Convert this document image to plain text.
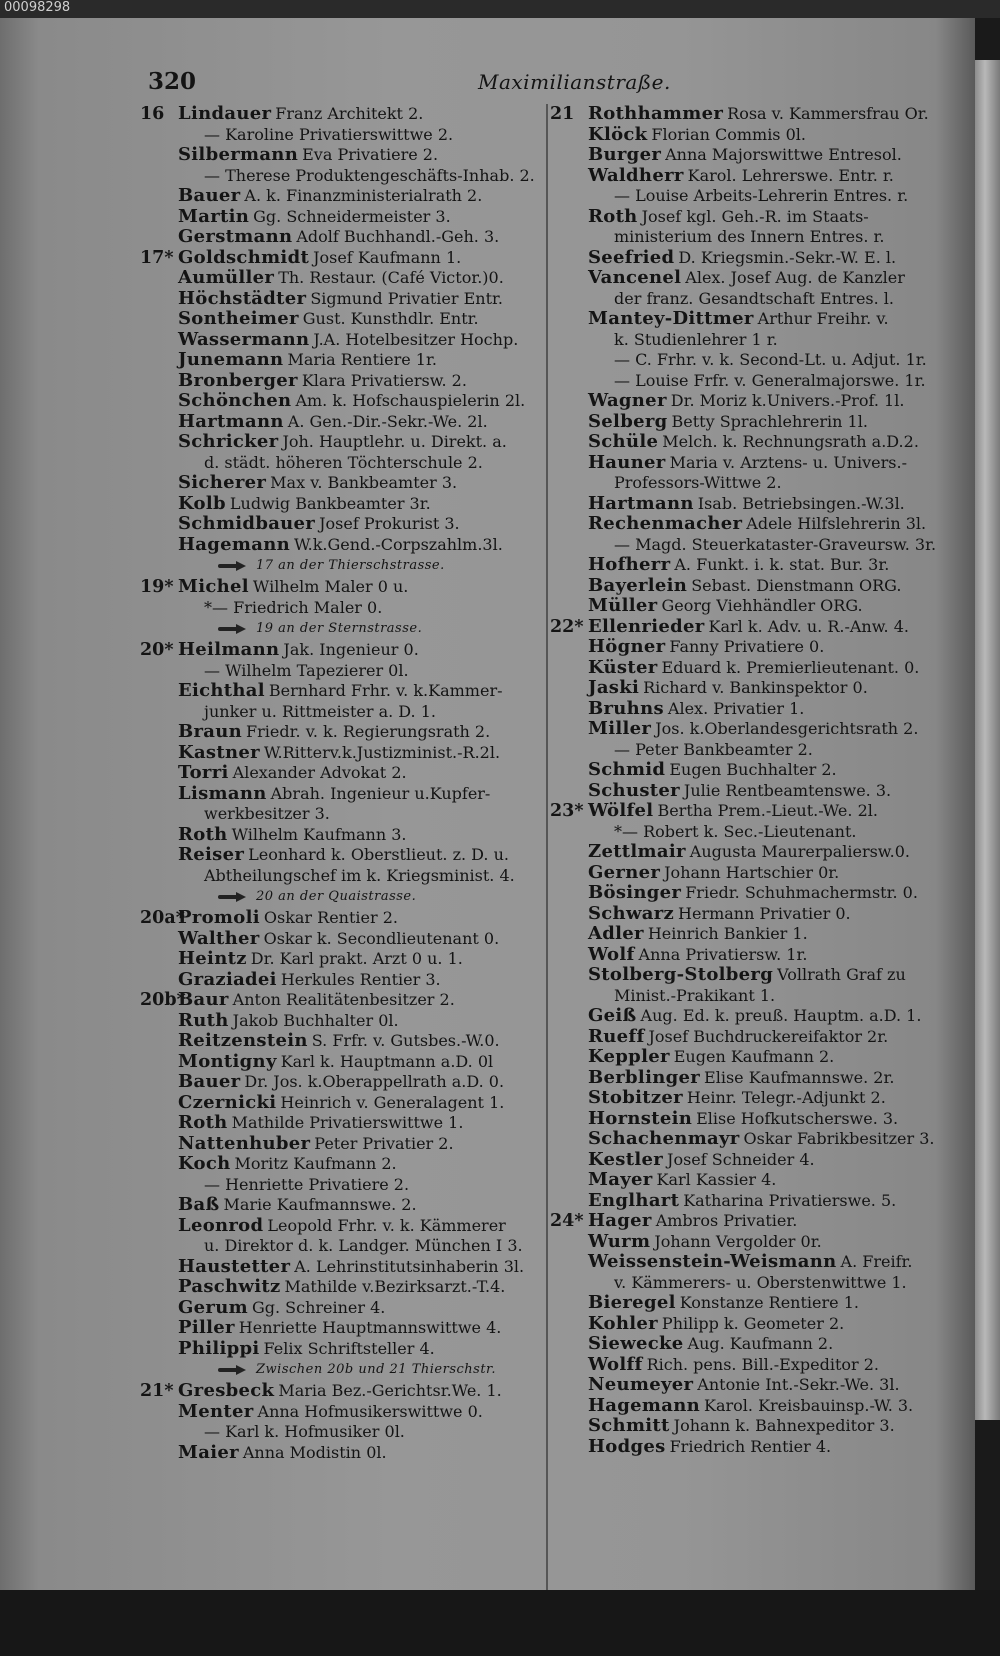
00098298
320	Maximilianstraße.
16 Lindauer Franz Architekt 2.
— Karoline Privatierswittwe 2.
Silbermann Eva Privatiere 2.
— Therese Produktengeschäfts-Inhab. 2.
Bauer A. k. Finanzministerialrath 2.
Martin Gg. Schneidermeister 3.
Gerstmann Adolf Buchhandl.-Geh. 3.
17* Goldschmidt Josef Kaufmann 1.
Aumüller Th. Restaur. (Café Victor.)0.
Höchstädter Sigmund Privatier Entr.
Sontheimer Gust. Kunsthdlr. Entr.
Wassermann J.A. Hotelbesitzer Hochp.
Junemann Maria Rentiere 1r.
Bronberger Klara Privatiersw. 2.
Schönchen Am. k. Hofschauspielerin 2l.
Hartmann A. Gen.-Dir.-Sekr.-We. 2l.
Schricker Joh. Hauptlehr. u. Direkt. a.
d. städt. höheren Töchterschule 2.
Sicherer Max v. Bankbeamter 3.
Kolb Ludwig Bankbeamter 3r.
Schmidbauer Josef Prokurist 3.
Hagemann W.k.Gend.-Corpszahlm.3l.
17 an der Thierschstrasse.
19* Michel Wilhelm Maler 0 u.
*— Friedrich Maler 0.
19 an der Sternstrasse.
20* Heilmann Jak. Ingenieur 0.
— Wilhelm Tapezierer 0l.
Eichthal Bernhard Frhr. v. k.Kammer-
junker u. Rittmeister a. D. 1.
Braun Friedr. v. k. Regierungsrath 2.
Kastner W.Ritterv.k.Justizminist.-R.2l.
Torri Alexander Advokat 2.
Lismann Abrah. Ingenieur u.Kupfer-
werkbesitzer 3.
Roth Wilhelm Kaufmann 3.
Reiser Leonhard k. Oberstlieut. z. D. u.
Abtheilungschef im k. Kriegsminist. 4.
20 an der Quaistrasse.
20a*Promoli Oskar Rentier 2.
Walther Oskar k. Secondlieutenant 0.
Heintz Dr. Karl prakt. Arzt 0 u. 1.
Graziadei Herkules Rentier 3.
20b*Baur Anton Realitätenbesitzer 2.
Ruth Jakob Buchhalter 0l.
Reitzenstein S. Frfr. v. Gutsbes.-W.0.
Montigny Karl k. Hauptmann a.D. 0l
Bauer Dr. Jos. k.Oberappellrath a.D. 0.
Czernicki Heinrich v. Generalagent 1.
Roth Mathilde Privatierswittwe 1.
Nattenhuber Peter Privatier 2.
Koch Moritz Kaufmann 2.
— Henriette Privatiere 2.
Baß Marie Kaufmannswe. 2.
Leonrod Leopold Frhr. v. k. Kämmerer
u. Direktor d. k. Landger. München I 3.
Haustetter A. Lehrinstitutsinhaberin 3l.
Paschwitz Mathilde v.Bezirksarzt.-T.4.
Gerum Gg. Schreiner 4.
Piller Henriette Hauptmannswittwe 4.
Philippi Felix Schriftsteller 4.
Zwischen 20b und 21 Thierschstr.
21* Gresbeck Maria Bez.-Gerichtsr.We. 1.
Menter Anna Hofmusikerswittwe 0.
— Karl k. Hofmusiker 0l.
Maier Anna Modistin 0l.
21 Rothhammer Rosa v. Kammersfrau Or.
Klöck Florian Commis 0l.
Burger Anna Majorswittwe Entresol.
Waldherr Karol. Lehrerswe. Entr. r.
— Louise Arbeits-Lehrerin Entres. r.
Roth Josef kgl. Geh.-R. im Staats-
ministerium des Innern Entres. r.
Seefried D. Kriegsmin.-Sekr.-W. E. l.
Vancenel Alex. Josef Aug. de Kanzler
der franz. Gesandtschaft Entres. l.
Mantey-Dittmer Arthur Freihr. v.
k. Studienlehrer 1 r.
— C. Frhr. v. k. Second-Lt. u. Adjut. 1r.
— Louise Frfr. v. Generalmajorswe. 1r.
Wagner Dr. Moriz k.Univers.-Prof. 1l.
Selberg Betty Sprachlehrerin 1l.
Schüle Melch. k. Rechnungsrath a.D.2.
Hauner Maria v. Arztens- u. Univers.-
Professors-Wittwe 2.
Hartmann Isab. Betriebsingen.-W.3l.
Rechenmacher Adele Hilfslehrerin 3l.
— Magd. Steuerkataster-Graveursw. 3r.
Hofherr A. Funkt. i. k. stat. Bur. 3r.
Bayerlein Sebast. Dienstmann ORG.
Müller Georg Viehhändler ORG.
22* Ellenrieder Karl k. Adv. u. R.-Anw. 4.
Högner Fanny Privatiere 0.
Küster Eduard k. Premierlieutenant. 0.
Jaski Richard v. Bankinspektor 0.
Bruhns Alex. Privatier 1.
Miller Jos. k.Oberlandesgerichtsrath 2.
— Peter Bankbeamter 2.
Schmid Eugen Buchhalter 2.
Schuster Julie Rentbeamtenswe. 3.
23* Wölfel Bertha Prem.-Lieut.-We. 2l.
*— Robert k. Sec.-Lieutenant.
Zettlmair Augusta Maurerpaliersw.0.
Gerner Johann Hartschier 0r.
Bösinger Friedr. Schuhmachermstr. 0.
Schwarz Hermann Privatier 0.
Adler Heinrich Bankier 1.
Wolf Anna Privatiersw. 1r.
Stolberg-Stolberg Vollrath Graf zu
Minist.-Prakikant 1.
Geiß Aug. Ed. k. preuß. Hauptm. a.D. 1.
Rueff Josef Buchdruckereifaktor 2r.
Keppler Eugen Kaufmann 2.
Berblinger Elise Kaufmannswe. 2r.
Stobitzer Heinr. Telegr.-Adjunkt 2.
Hornstein Elise Hofkutscherswe. 3.
Schachenmayr Oskar Fabrikbesitzer 3.
Kestler Josef Schneider 4.
Mayer Karl Kassier 4.
Englhart Katharina Privatierswe. 5.
24* Hager Ambros Privatier.
Wurm Johann Vergolder 0r.
Weissenstein-Weismann A. Freifr.
v. Kämmerers- u. Oberstenwittwe 1.
Bieregel Konstanze Rentiere 1.
Kohler Philipp k. Geometer 2.
Siewecke Aug. Kaufmann 2.
Wolff Rich. pens. Bill.-Expeditor 2.
Neumeyer Antonie Int.-Sekr.-We. 3l.
Hagemann Karol. Kreisbauinsp.-W. 3.
Schmitt Johann k. Bahnexpeditor 3.
Hodges Friedrich Rentier 4.
